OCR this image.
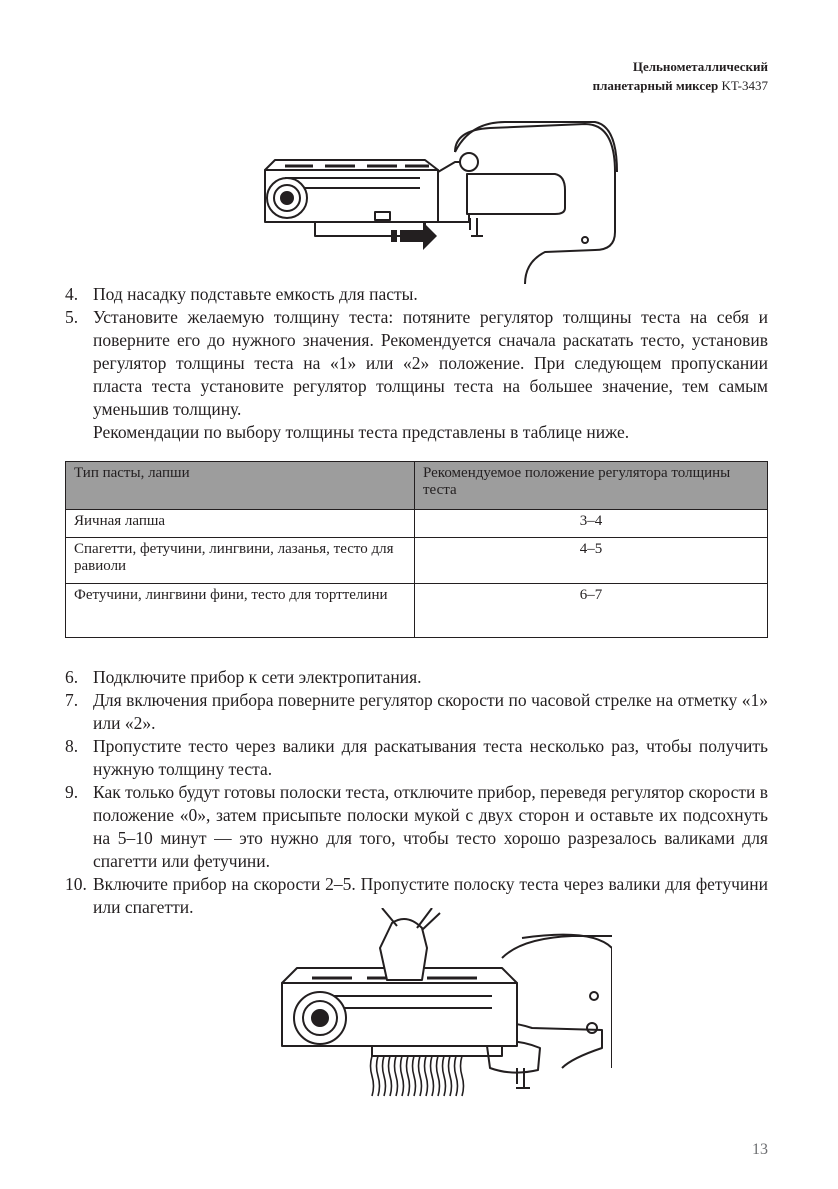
Цельнометаллический
планетарный миксер KT-3437
4. Под насадку подставьте емкость для пасты.
5. Установите желаемую толщину теста: потяните регулятор толщины теста на себя и поверните его до нужного значения. Рекомендуется сначала раскатать тесто, установив регулятор толщины теста на «1» или «2» положение. При следующем пропускании пласта теста установите регулятор толщины теста на большее значение, тем самым уменьшив толщину.
Рекомендации по выбору толщины теста представлены в таблице ниже.
Тип пасты, лапши	Рекомендуемое положение регулятора толщины теста
Яичная лапша	3–4
Спагетти, фетучини, лингвини, лазанья, тесто для равиоли	4–5
Фетучини, лингвини фини, тесто для торттелини	6–7
6. Подключите прибор к сети электропитания.
7. Для включения прибора поверните регулятор скорости по часовой стрелке на отметку «1» или «2».
8. Пропустите тесто через валики для раскатывания теста несколько раз, чтобы получить нужную толщину теста.
9. Как только будут готовы полоски теста, отключите прибор, переведя регулятор скорости в положение «0», затем присыпьте полоски мукой с двух сторон и оставьте их подсохнуть на 5–10 минут — это нужно для того, чтобы тесто хорошо разрезалось валиками для спагетти или фетучини.
10. Включите прибор на скорости 2–5. Пропустите полоску теста через валики для фетучини или спагетти.
13
